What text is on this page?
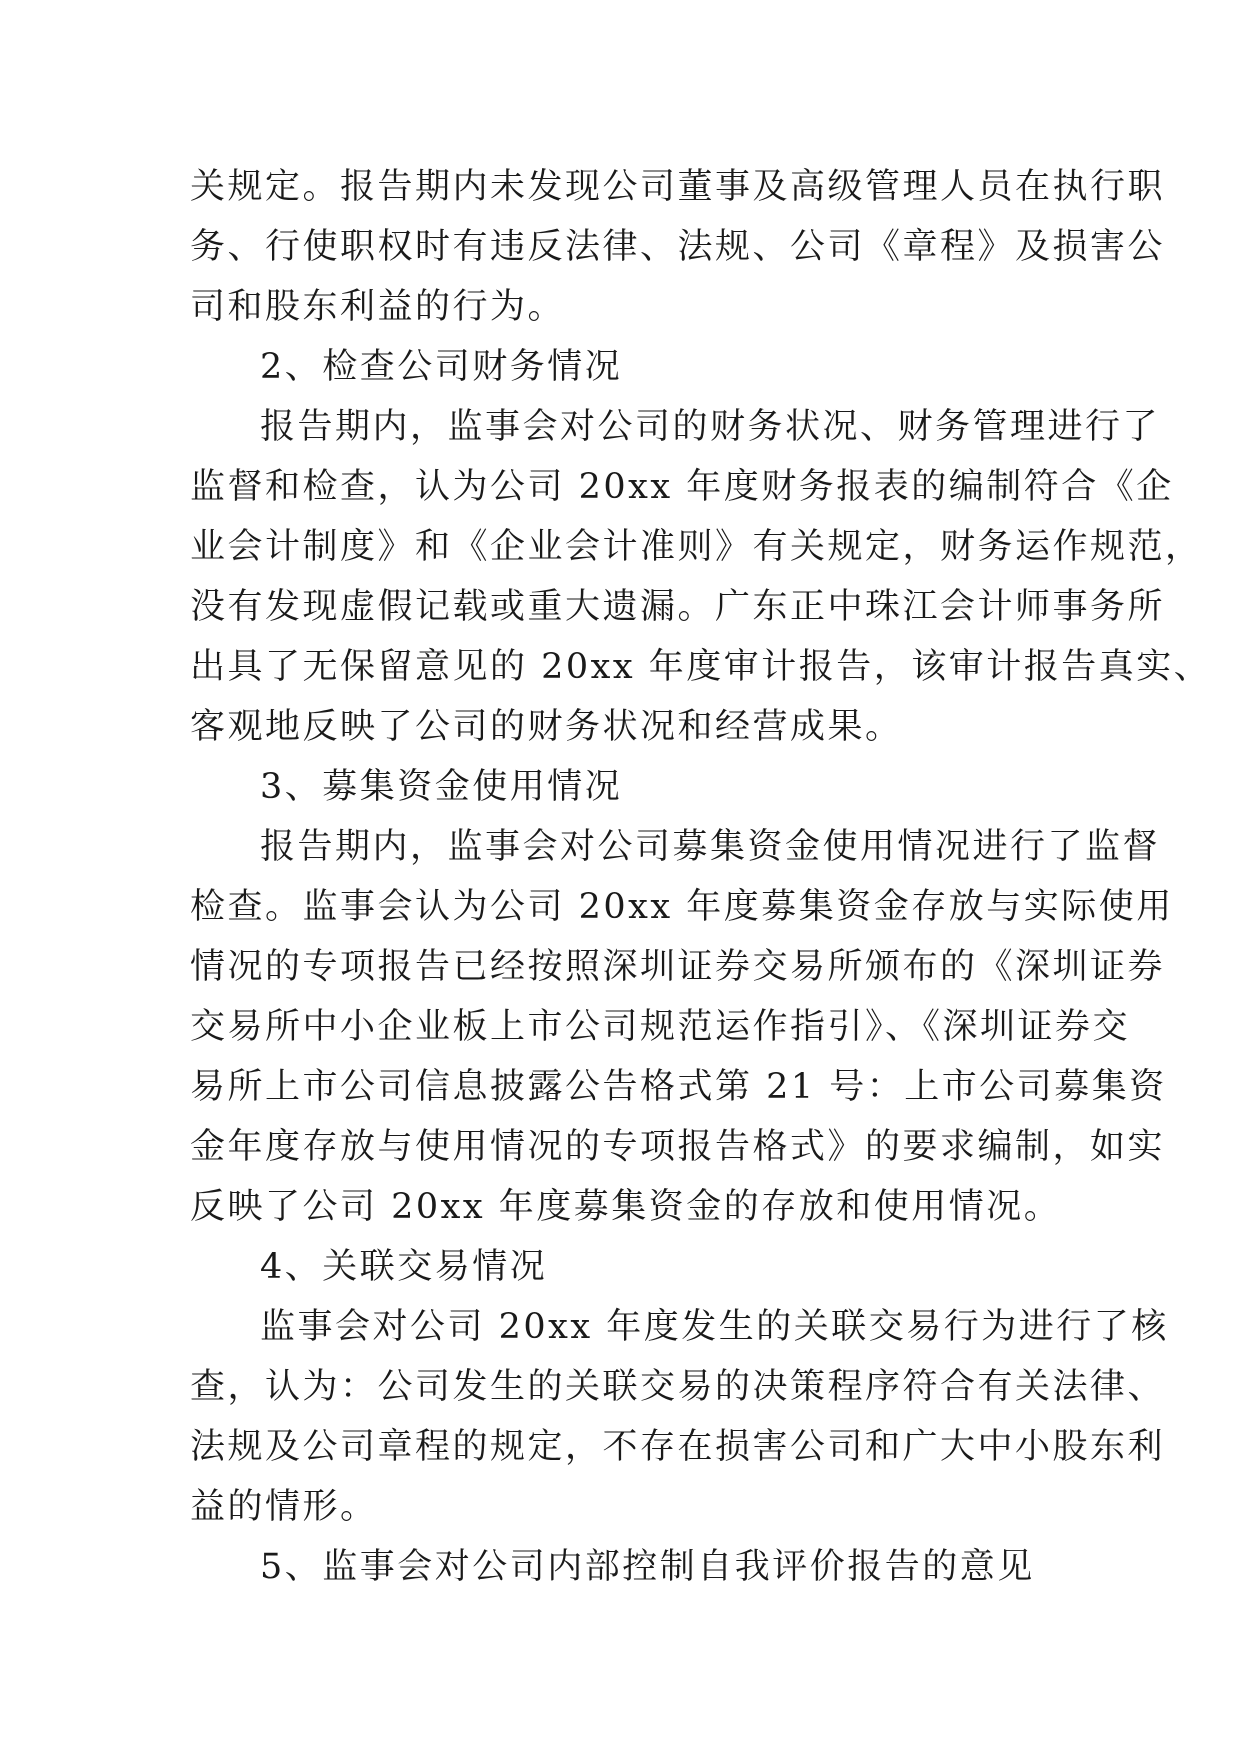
关规定。报告期内未发现公司董事及高级管理人员在执行职
务、行使职权时有违反法律、法规、公司《章程》及损害公
司和股东利益的行为。
2、检查公司财务情况
报告期内，监事会对公司的财务状况、财务管理进行了
监督和检查，认为公司 20xx 年度财务报表的编制符合《企
业会计制度》和《企业会计准则》有关规定，财务运作规范，
没有发现虚假记载或重大遗漏。广东正中珠江会计师事务所
出具了无保留意见的 20xx 年度审计报告，该审计报告真实、
客观地反映了公司的财务状况和经营成果。
3、募集资金使用情况
报告期内，监事会对公司募集资金使用情况进行了监督
检查。监事会认为公司 20xx 年度募集资金存放与实际使用
情况的专项报告已经按照深圳证券交易所颁布的《深圳证券
交易所中小企业板上市公司规范运作指引》、《深圳证券交
易所上市公司信息披露公告格式第 21 号：上市公司募集资
金年度存放与使用情况的专项报告格式》的要求编制，如实
反映了公司 20xx 年度募集资金的存放和使用情况。
4、关联交易情况
监事会对公司 20xx 年度发生的关联交易行为进行了核
查，认为：公司发生的关联交易的决策程序符合有关法律、
法规及公司章程的规定，不存在损害公司和广大中小股东利
益的情形。
5、监事会对公司内部控制自我评价报告的意见
